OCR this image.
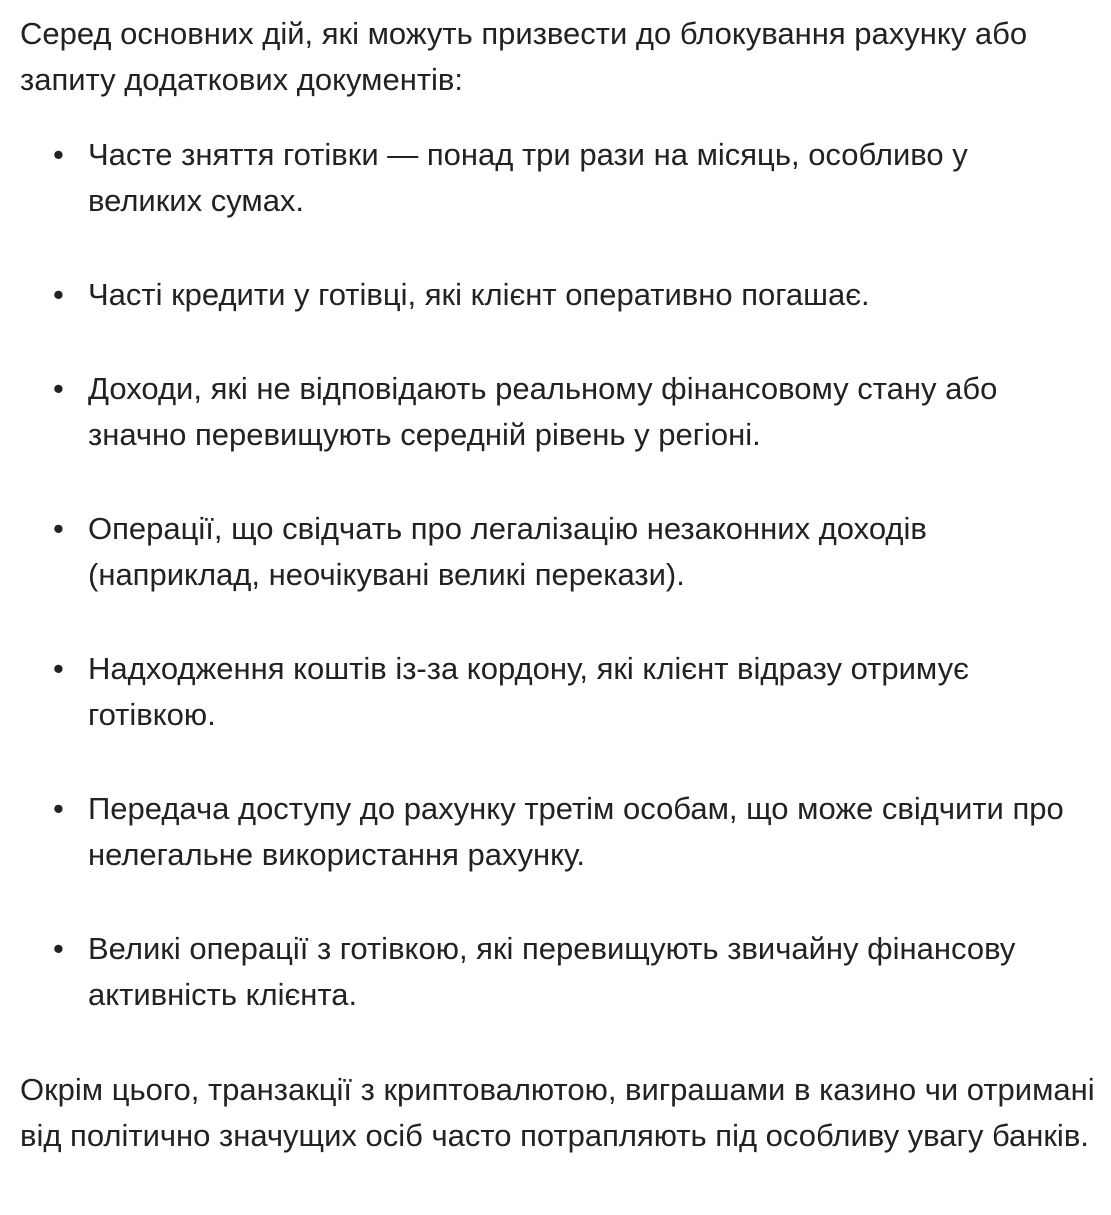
Серед основних дій, які можуть призвести до блокування рахунку або запиту додаткових документів:

• Часте зняття готівки — понад три рази на місяць, особливо у великих сумах.
• Часті кредити у готівці, які клієнт оперативно погашає.
• Доходи, які не відповідають реальному фінансовому стану або значно перевищують середній рівень у регіоні.
• Операції, що свідчать про легалізацію незаконних доходів (наприклад, неочікувані великі перекази).
• Надходження коштів із-за кордону, які клієнт відразу отримує готівкою.
• Передача доступу до рахунку третім особам, що може свідчити про нелегальне використання рахунку.
• Великі операції з готівкою, які перевищують звичайну фінансову активність клієнта.

Окрім цього, транзакції з криптовалютою, виграшами в казино чи отримані від політично значущих осіб часто потрапляють під особливу увагу банків.
